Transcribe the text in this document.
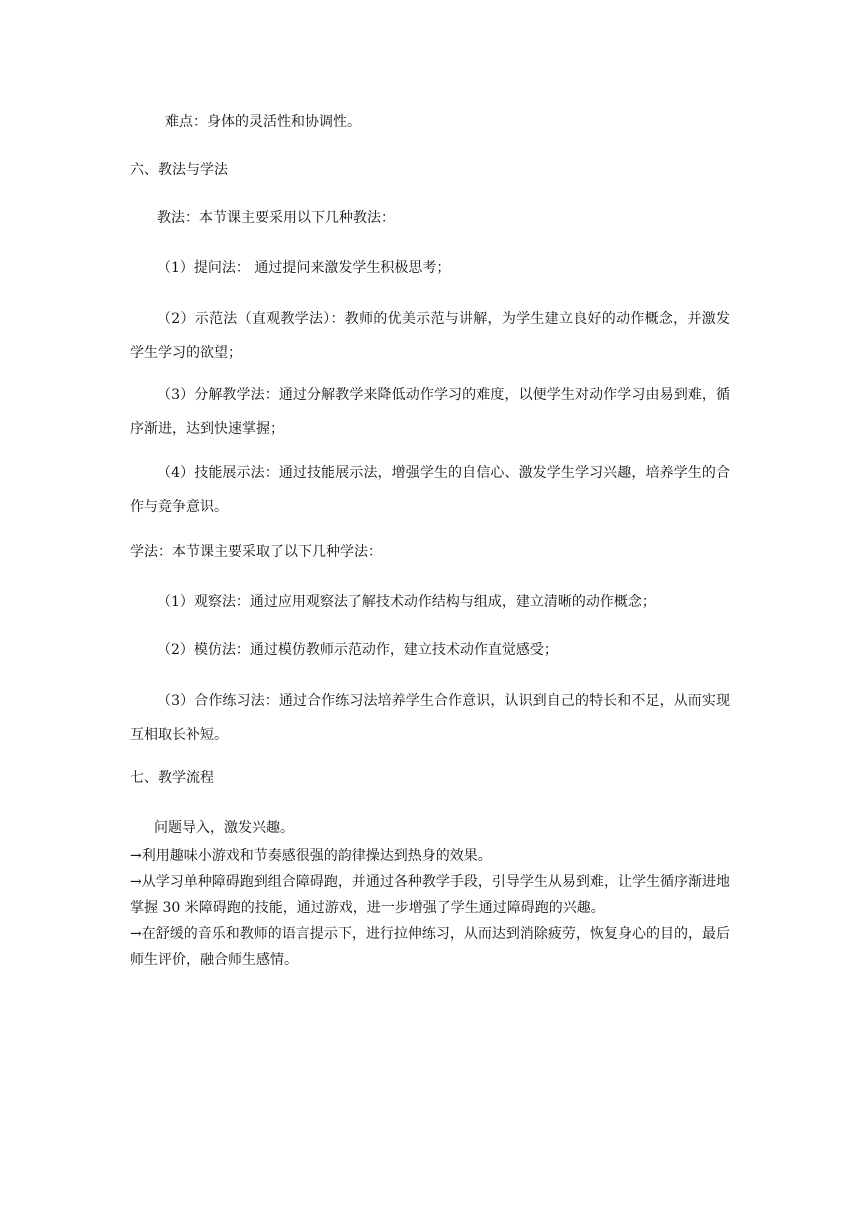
难点：身体的灵活性和协调性。
六、教法与学法
教法：本节课主要采用以下几种教法：
（1）提问法： 通过提问来激发学生积极思考；
（2）示范法（直观教学法）：教师的优美示范与讲解，为学生建立良好的动作概念，并激发学生学习的欲望；
（3）分解教学法：通过分解教学来降低动作学习的难度，以便学生对动作学习由易到难，循序渐进，达到快速掌握；
（4）技能展示法：通过技能展示法，增强学生的自信心、激发学生学习兴趣，培养学生的合作与竞争意识。
学法：本节课主要采取了以下几种学法：
（1）观察法：通过应用观察法了解技术动作结构与组成，建立清晰的动作概念；
（2）模仿法：通过模仿教师示范动作，建立技术动作直觉感受；
（3）合作练习法：通过合作练习法培养学生合作意识，认识到自己的特长和不足，从而实现互相取长补短。
七、教学流程
问题导入，激发兴趣。
→利用趣味小游戏和节奏感很强的韵律操达到热身的效果。
→从学习单种障碍跑到组合障碍跑，并通过各种教学手段，引导学生从易到难，让学生循序渐进地掌握 30 米障碍跑的技能，通过游戏，进一步增强了学生通过障碍跑的兴趣。
→在舒缓的音乐和教师的语言提示下，进行拉伸练习，从而达到消除疲劳，恢复身心的目的，最后师生评价，融合师生感情。
